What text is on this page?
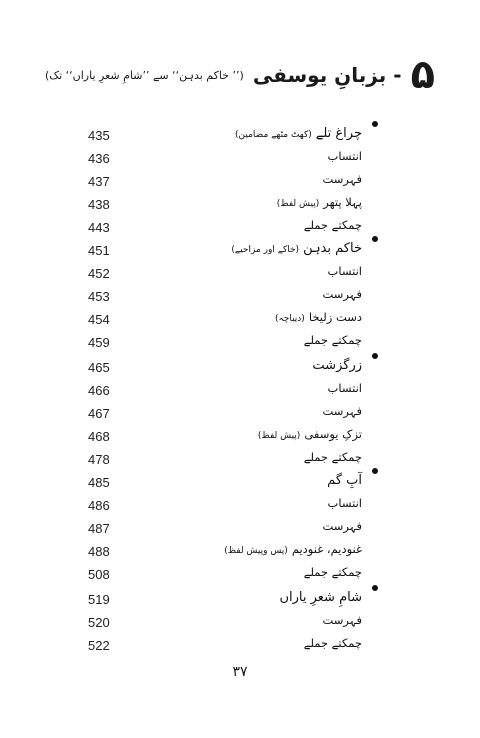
۵ - بزبانِ یوسفی (’’ خاکم بدہن‘‘ سے ’’شامِ شعرِ یاراں‘‘ تک)
435	چراغ تلے(کھٹ مٹھے مضامین)
436	انتساب
437	فہرست
438	پہلا پتھر(پیش لفظ)
443	چمکتے جملے
451	خاکم بدہن(خاکے اور مزاحیے)
452	انتساب
453	فہرست
454	دست زلیخا(دیباچہ)
459	چمکتے جملے
465	زرگزشت
466	انتساب
467	فہرست
468	تزکِ یوسفی(پیش لفظ)
478	چمکتے جملے
485	آبِ گم
486	انتساب
487	فہرست
488	غنودیم، غنودیم(پس وپیش لفظ)
508	چمکتے جملے
519	شامِ شعرِ یاراں
520	فہرست
522	چمکتے جملے
۳۷
